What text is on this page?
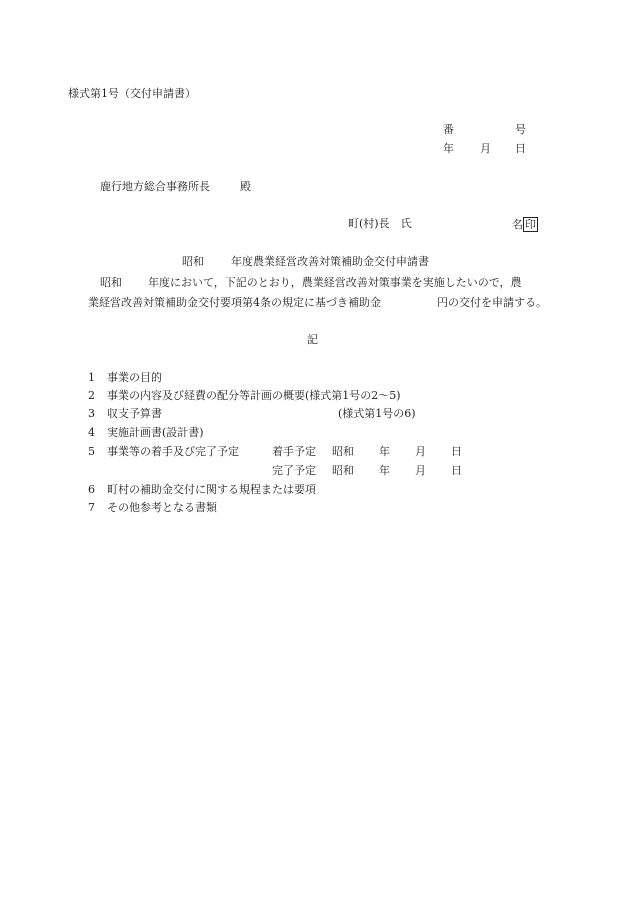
様式第1号（交付申請書）
番	号
年 月 日
鹿行地方総合事務所長	殿
町(村)長　氏	名 印
昭和 年度農業経営改善対策補助金交付申請書
昭和 年度において，下記のとおり，農業経営改善対策事業を実施したいので，農
業経営改善対策補助金交付要項第4条の規定に基づき補助金	円の交付を申請する。
記
1 事業の目的
2 事業の内容及び経費の配分等計画の概要(様式第1号の2〜5)
3 収支予算書	(様式第1号の6)
4 実施計画書(設計書)
5 事業等の着手及び完了予定	着手予定 昭和 年 月 日
完了予定 昭和 年 月 日
6 町村の補助金交付に関する規程または要項
7 その他参考となる書類
